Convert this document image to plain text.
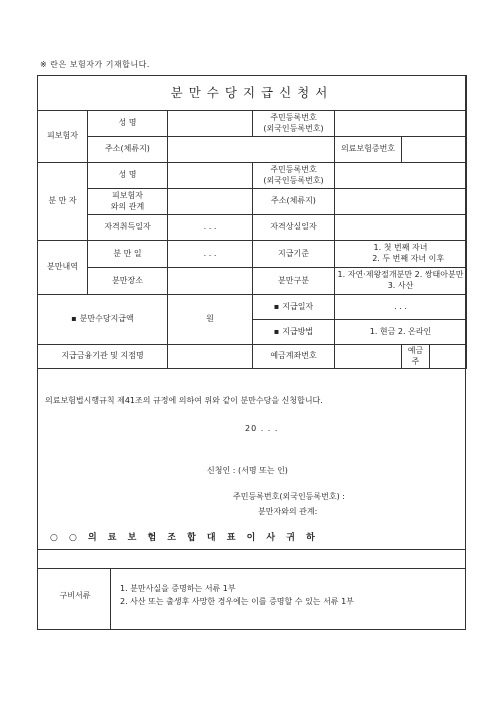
※ 란은 보험자가 기재합니다.
분만수당지급신청서						
피보험자	성 명		주민등록번호
(외국인등록번호)			
	주소(체류지)			의료보험증번호		
분 만 자	성 명		주민등록번호
(외국인등록번호)			
	피보험자
와의 관계		주소(체류지)			
	자격취득일자	. . .	자격상실일자			
분만내역	분 만 일	. . .	지급기준	1. 첫 번째 자녀
2. 두 번째 자녀 이후		
	분만장소		분만구분	1. 자연·제왕절개분만 2. 쌍태아분만
3. 사산		
▪ 분만수당지급액		원	▪ 지급일자	. . .		
			▪ 지급방법	1. 현금 2. 온라인		
지급금융기관 및 지점명			예금계좌번호		예금주	
의료보험법시행규칙 제41조의 규정에 의하여 위와 같이 분만수당을 신청합니다.
20 . . .
신청인 : (서명 또는 인)
주민등록번호(외국인등록번호) :
분만자와의 관계:
○ ○ 의 료 보 험 조 합 대 표 이 사 귀 하
구비서류
1. 분만사실을 증명하는 서류 1부
2. 사산 또는 출생후 사망한 경우에는 이를 증명할 수 있는 서류 1부
